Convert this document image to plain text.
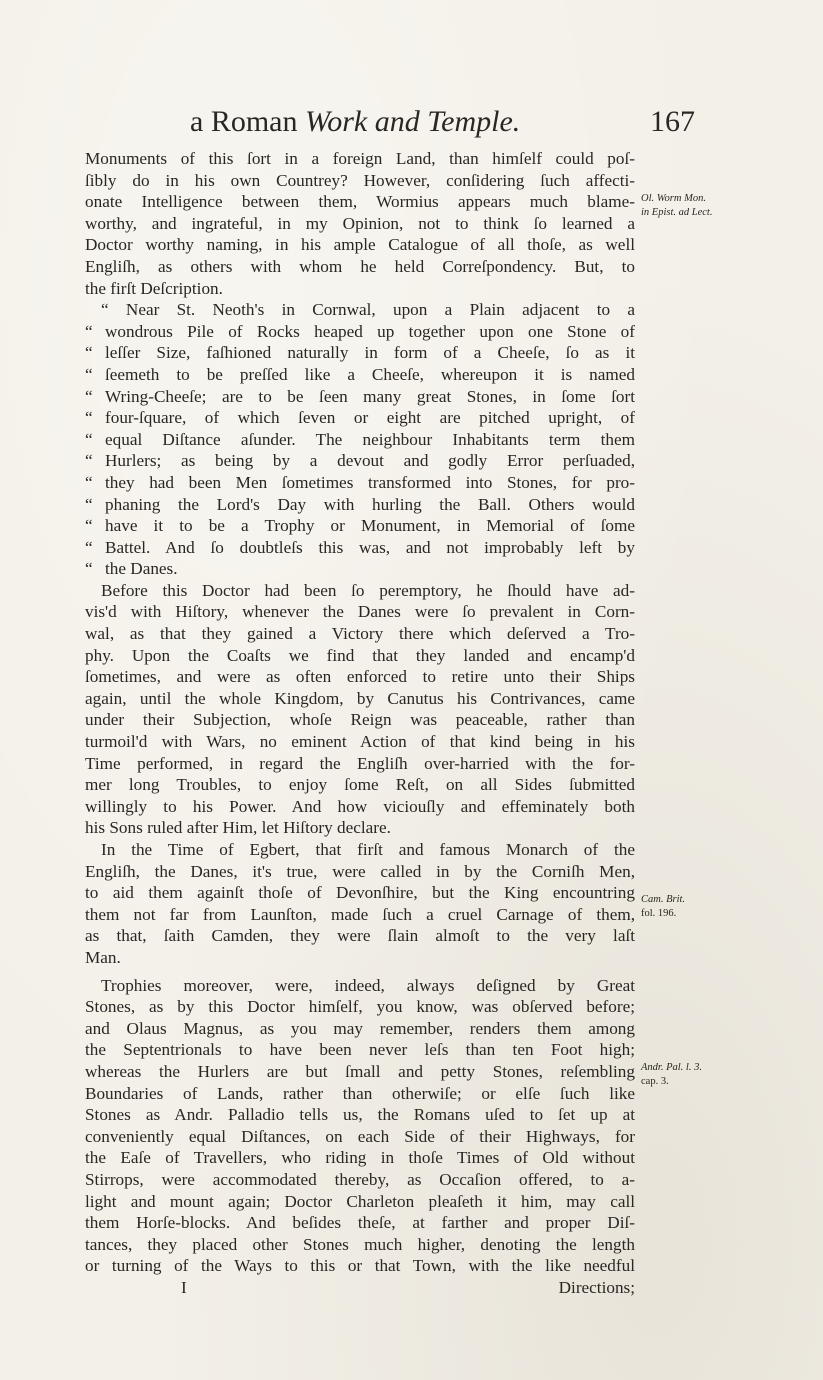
a Roman Work and Temple.	167
Ol. Worm Mon.
in Epist. ad Lect.
Cam. Brit.
fol. 196.
Andr. Pal. l. 3.
cap. 3.
Monuments of this ſort in a foreign Land, than himſelf could poſ-
ſibly do in his own Countrey? However, conſidering ſuch affecti-
onate Intelligence between them, Wormius appears much blame-
worthy, and ingrateful, in my Opinion, not to think ſo learned a
Doctor worthy naming, in his ample Catalogue of all thoſe, as well
Engliſh, as others with whom he held Correſpondency. But, to
the firſt Deſcription.
“ Near St. Neoth's in Cornwal, upon a Plain adjacent to a
“ wondrous Pile of Rocks heaped up together upon one Stone of
“ leſſer Size, faſhioned naturally in form of a Cheeſe, ſo as it
“ ſeemeth to be preſſed like a Cheeſe, whereupon it is named
“ Wring-Cheeſe; are to be ſeen many great Stones, in ſome ſort
“ four-ſquare, of which ſeven or eight are pitched upright, of
“ equal Diſtance aſunder. The neighbour Inhabitants term them
“ Hurlers; as being by a devout and godly Error perſuaded,
“ they had been Men ſometimes transformed into Stones, for pro-
“ phaning the Lord's Day with hurling the Ball. Others would
“ have it to be a Trophy or Monument, in Memorial of ſome
“ Battel. And ſo doubtleſs this was, and not improbably left by
“ the Danes.
Before this Doctor had been ſo peremptory, he ſhould have ad-
vis'd with Hiſtory, whenever the Danes were ſo prevalent in Corn-
wal, as that they gained a Victory there which deſerved a Tro-
phy. Upon the Coaſts we find that they landed and encamp'd
ſometimes, and were as often enforced to retire unto their Ships
again, until the whole Kingdom, by Canutus his Contrivances, came
under their Subjection, whoſe Reign was peaceable, rather than
turmoil'd with Wars, no eminent Action of that kind being in his
Time performed, in regard the Engliſh over-harried with the for-
mer long Troubles, to enjoy ſome Reſt, on all Sides ſubmitted
willingly to his Power. And how viciouſly and effeminately both
his Sons ruled after Him, let Hiſtory declare.
In the Time of Egbert, that firſt and famous Monarch of the
Engliſh, the Danes, it's true, were called in by the Corniſh Men,
to aid them againſt thoſe of Devonſhire, but the King encountring
them not far from Launſton, made ſuch a cruel Carnage of them,
as that, ſaith Camden, they were ſlain almoſt to the very laſt
Man.
Trophies moreover, were, indeed, always deſigned by Great
Stones, as by this Doctor himſelf, you know, was obſerved before;
and Olaus Magnus, as you may remember, renders them among
the Septentrionals to have been never leſs than ten Foot high;
whereas the Hurlers are but ſmall and petty Stones, reſembling
Boundaries of Lands, rather than otherwiſe; or elſe ſuch like
Stones as Andr. Palladio tells us, the Romans uſed to ſet up at
conveniently equal Diſtances, on each Side of their Highways, for
the Eaſe of Travellers, who riding in thoſe Times of Old without
Stirrops, were accommodated thereby, as Occaſion offered, to a-
light and mount again; Doctor Charleton pleaſeth it him, may call
them Horſe-blocks. And beſides theſe, at farther and proper Diſ-
tances, they placed other Stones much higher, denoting the length
or turning of the Ways to this or that Town, with the like needful
I	Directions;
